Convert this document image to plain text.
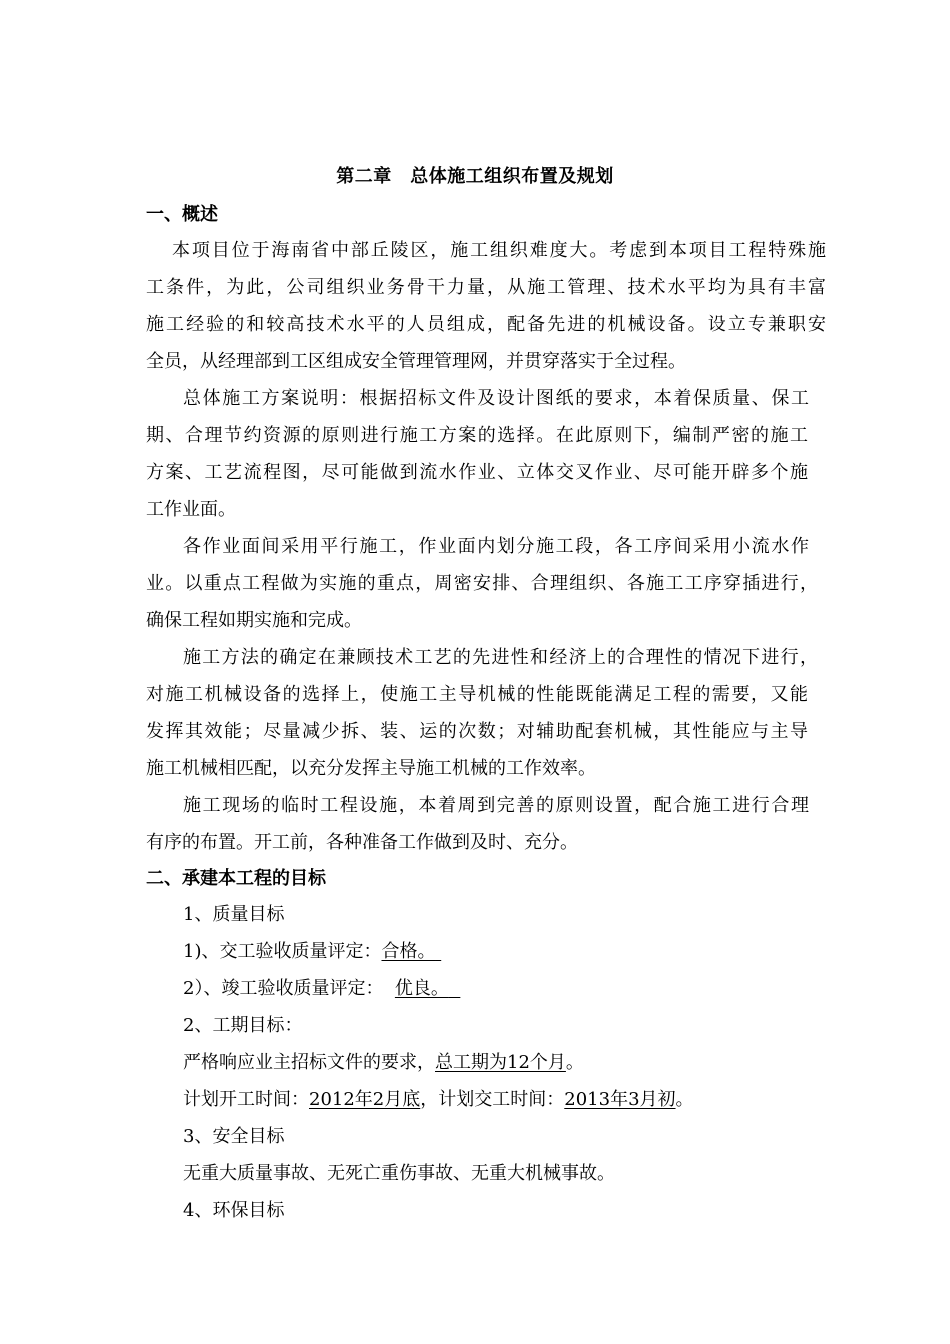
第二章　总体施工组织布置及规划
一、概述
本项目位于海南省中部丘陵区，施工组织难度大。考虑到本项目工程特殊施
工条件，为此，公司组织业务骨干力量，从施工管理、技术水平均为具有丰富
施工经验的和较高技术水平的人员组成，配备先进的机械设备。设立专兼职安
全员，从经理部到工区组成安全管理管理网，并贯穿落实于全过程。
总体施工方案说明：根据招标文件及设计图纸的要求，本着保质量、保工
期、合理节约资源的原则进行施工方案的选择。在此原则下，编制严密的施工
方案、工艺流程图，尽可能做到流水作业、立体交叉作业、尽可能开辟多个施
工作业面。
各作业面间采用平行施工，作业面内划分施工段，各工序间采用小流水作
业。以重点工程做为实施的重点，周密安排、合理组织、各施工工序穿插进行，
确保工程如期实施和完成。
施工方法的确定在兼顾技术工艺的先进性和经济上的合理性的情况下进行，
对施工机械设备的选择上，使施工主导机械的性能既能满足工程的需要，又能
发挥其效能；尽量减少拆、装、运的次数；对辅助配套机械，其性能应与主导
施工机械相匹配，以充分发挥主导施工机械的工作效率。
施工现场的临时工程设施，本着周到完善的原则设置，配合施工进行合理
有序的布置。开工前，各种准备工作做到及时、充分。
二、承建本工程的目标
1、质量目标
1)、交工验收质量评定：合格。
2）、竣工验收质量评定： 优良。
2、工期目标：
严格响应业主招标文件的要求，总工期为12个月。
计划开工时间：2012年2月底，计划交工时间：2013年3月初。
3、安全目标
无重大质量事故、无死亡重伤事故、无重大机械事故。
4、环保目标
